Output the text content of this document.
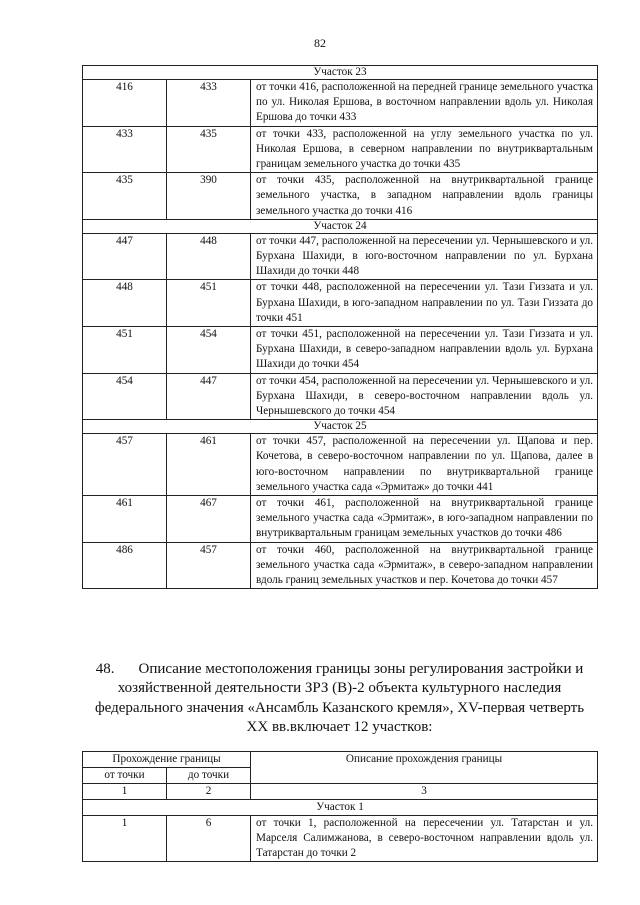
82
Участок 23		
416	433	от точки 416, расположенной на передней границе земельного участка по ул. Николая Ершова, в восточном направлении вдоль ул. Николая Ершова до точки 433
433	435	от точки 433, расположенной на углу земельного участка по ул. Николая Ершова, в северном направлении по внутриквартальным границам земельного участка до точки 435
435	390	от точки 435, расположенной на внутриквартальной границе земельного участка, в западном направлении вдоль границы земельного участка до точки 416
Участок 24		
447	448	от точки 447, расположенной на пересечении ул. Чернышевского и ул. Бурхана Шахиди, в юго-восточном направлении по ул. Бурхана Шахиди до точки 448
448	451	от точки 448, расположенной на пересечении ул. Тази Гиззата и ул. Бурхана Шахиди, в юго-западном направлении по ул. Тази Гиззата до точки 451
451	454	от точки 451, расположенной на пересечении ул. Тази Гиззата и ул. Бурхана Шахиди, в северо-западном направлении вдоль ул. Бурхана Шахиди до точки 454
454	447	от точки 454, расположенной на пересечении ул. Чернышевского и ул. Бурхана Шахиди, в северо-восточном направлении вдоль ул. Чернышевского до точки 454
Участок 25		
457	461	от точки 457, расположенной на пересечении ул. Щапова и пер. Кочетова, в северо-восточном направлении по ул. Щапова, далее в юго-восточном направлении по внутриквартальной границе земельного участка сада «Эрмитаж» до точки 441
461	467	от точки 461, расположенной на внутриквартальной границе земельного участка сада «Эрмитаж», в юго-западном направлении по внутриквартальным границам земельных участков до точки 486
486	457	от точки 460, расположенной на внутриквартальной границе земельного участка сада «Эрмитаж», в северо-западном направлении вдоль границ земельных участков и пер. Кочетова до точки 457
48. Описание местоположения границы зоны регулирования застройки и
хозяйственной деятельности ЗРЗ (В)-2 объекта культурного наследия
федерального значения «Ансамбль Казанского кремля», XV-первая четверть
XX вв.включает 12 участков:
Прохождение границы		Описание прохождения границы
от точки	до точки	
1	2	3
Участок 1		
1	6	от точки 1, расположенной на пересечении ул. Татарстан и ул. Марселя Салимжанова, в северо-восточном направлении вдоль ул. Татарстан до точки 2
